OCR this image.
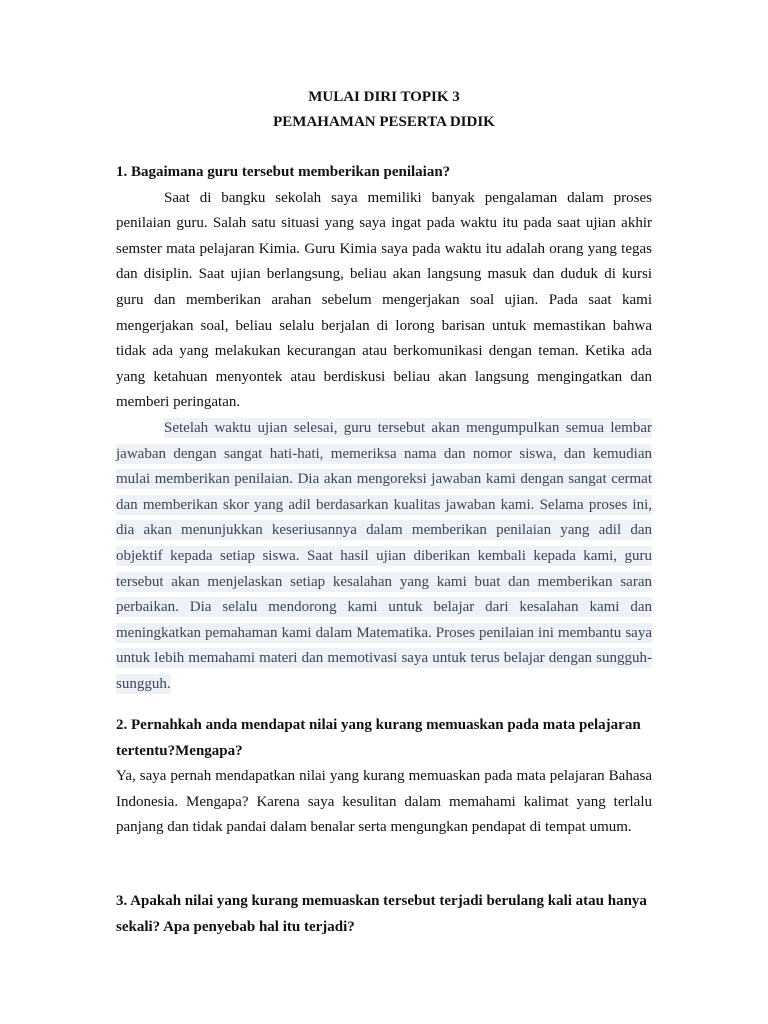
MULAI DIRI TOPIK 3
PEMAHAMAN PESERTA DIDIK

1. Bagaimana guru tersebut memberikan penilaian?

Saat di bangku sekolah saya memiliki banyak pengalaman dalam proses penilaian guru. Salah satu situasi yang saya ingat pada waktu itu pada saat ujian akhir semster mata pelajaran Kimia. Guru Kimia saya pada waktu itu adalah orang yang tegas dan disiplin. Saat ujian berlangsung, beliau akan langsung masuk dan duduk di kursi guru dan memberikan arahan sebelum mengerjakan soal ujian. Pada saat kami mengerjakan soal, beliau selalu berjalan di lorong barisan untuk memastikan bahwa tidak ada yang melakukan kecurangan atau berkomunikasi dengan teman. Ketika ada yang ketahuan menyontek atau berdiskusi beliau akan langsung mengingatkan dan memberi peringatan.

Setelah waktu ujian selesai, guru tersebut akan mengumpulkan semua lembar jawaban dengan sangat hati-hati, memeriksa nama dan nomor siswa, dan kemudian mulai memberikan penilaian. Dia akan mengoreksi jawaban kami dengan sangat cermat dan memberikan skor yang adil berdasarkan kualitas jawaban kami. Selama proses ini, dia akan menunjukkan keseriusannya dalam memberikan penilaian yang adil dan objektif kepada setiap siswa. Saat hasil ujian diberikan kembali kepada kami, guru tersebut akan menjelaskan setiap kesalahan yang kami buat dan memberikan saran perbaikan. Dia selalu mendorong kami untuk belajar dari kesalahan kami dan meningkatkan pemahaman kami dalam Matematika. Proses penilaian ini membantu saya untuk lebih memahami materi dan memotivasi saya untuk terus belajar dengan sungguh-sungguh.

2. Pernahkah anda mendapat nilai yang kurang memuaskan pada mata pelajaran tertentu?Mengapa?

Ya, saya pernah mendapatkan nilai yang kurang memuaskan pada mata pelajaran Bahasa Indonesia. Mengapa? Karena saya kesulitan dalam memahami kalimat yang terlalu panjang dan tidak pandai dalam benalar serta mengungkan pendapat di tempat umum.

3. Apakah nilai yang kurang memuaskan tersebut terjadi berulang kali atau hanya sekali? Apa penyebab hal itu terjadi?
